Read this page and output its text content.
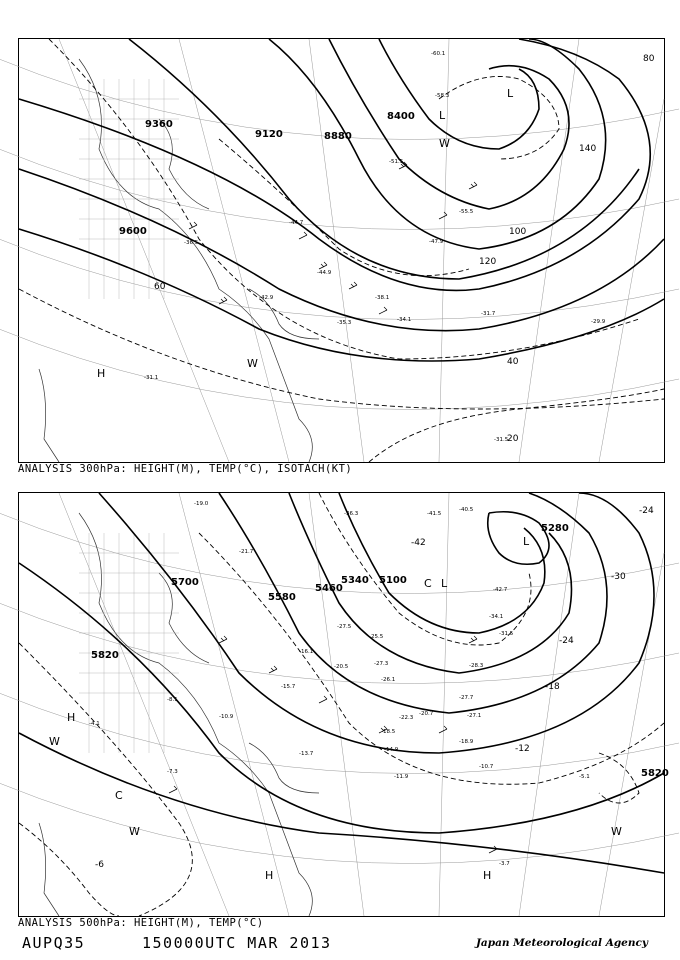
9360
9120	8880
8400
9600
20
40
60
80
100
120
140
-31.5
-29.9
-31.7
-34.1
-35.3
-38.1
-44.9
-47.9
-55.5
-58.3
-60.1
-51.5
-36.5
-31.1
-42.9
-44.7
L
L
H
W
W
ANALYSIS 300hPa: HEIGHT(M), TEMP(°C), ISOTACH(KT)
5700
5580
5460
5340 5100
5820
5820
5280
-24
-30
-24
-18
-12
-42
-6
-41.5
-40.5
-36.3
-27.5
-25.5
-27.3
-26.1
-28.3
-27.7
-27.1
-20.7
-18.9
-18.5
-22.3
-14.9
-11.9
-10.7
-5.1
-3.7
-13.7
-10.9
-15.7
-16.1
-20.5
-21.7
-19.0
-42.7
-34.1
-31.5
-8.1
-7.3
-4.1
L
C L
H
W
W
C
H	H
W
ANALYSIS 500hPa: HEIGHT(M), TEMP(°C)
AUPQ35	150000UTC MAR 2013	Japan Meteorological Agency
